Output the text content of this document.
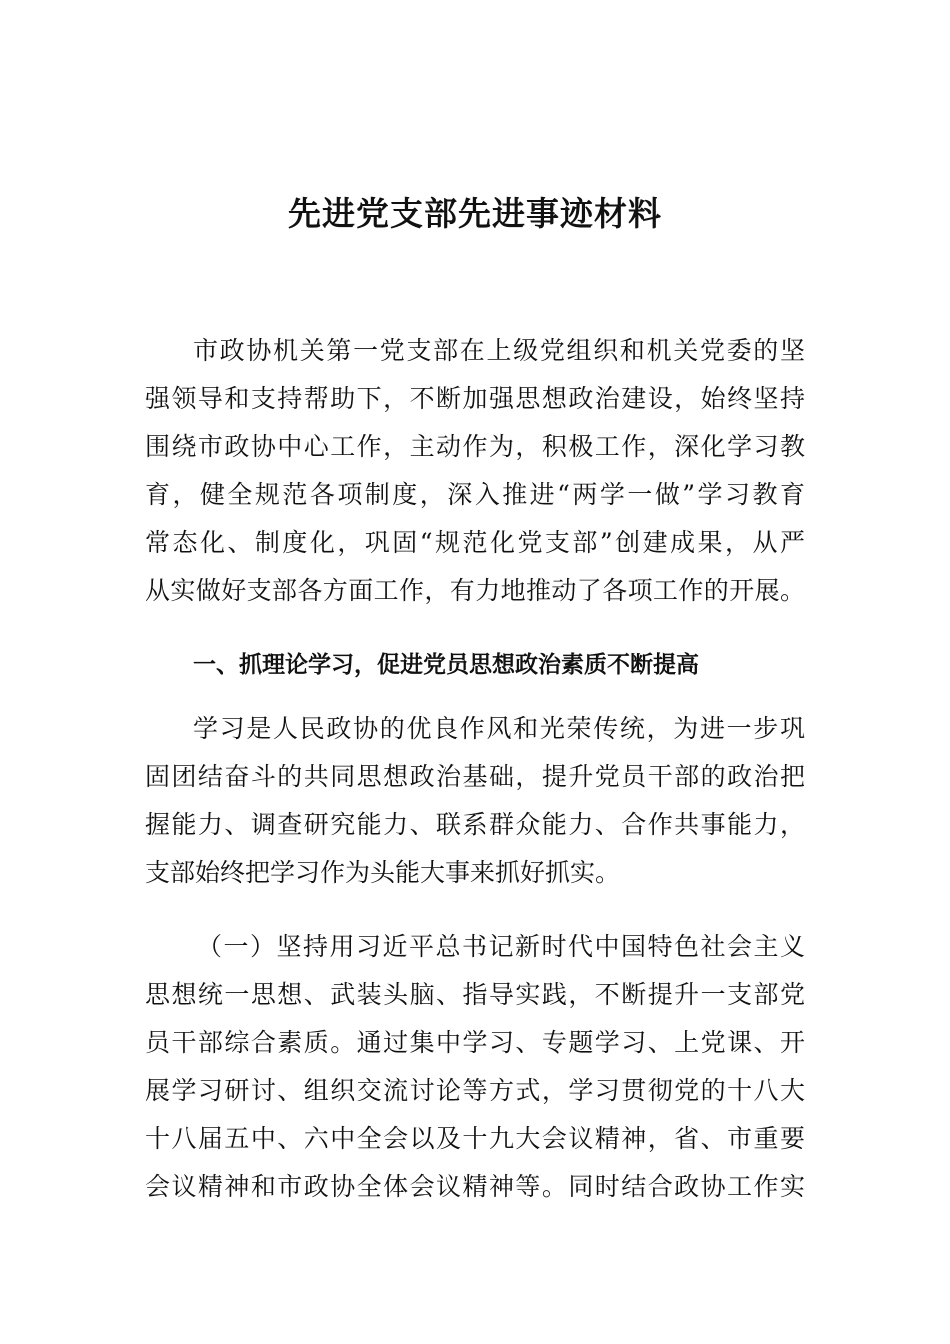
先进党支部先进事迹材料
市政协机关第一党支部在上级党组织和机关党委的坚
强领导和支持帮助下，不断加强思想政治建设，始终坚持
围绕市政协中心工作，主动作为，积极工作，深化学习教
育，健全规范各项制度，深入推进“两学一做”学习教育
常态化、制度化，巩固“规范化党支部”创建成果，从严
从实做好支部各方面工作，有力地推动了各项工作的开展。
一、抓理论学习，促进党员思想政治素质不断提高
学习是人民政协的优良作风和光荣传统，为进一步巩
固团结奋斗的共同思想政治基础，提升党员干部的政治把
握能力、调查研究能力、联系群众能力、合作共事能力，
支部始终把学习作为头能大事来抓好抓实。
（一）坚持用习近平总书记新时代中国特色社会主义
思想统一思想、武装头脑、指导实践，不断提升一支部党
员干部综合素质。通过集中学习、专题学习、上党课、开
展学习研讨、组织交流讨论等方式，学习贯彻党的十八大
十八届五中、六中全会以及十九大会议精神，省、市重要
会议精神和市政协全体会议精神等。同时结合政协工作实
